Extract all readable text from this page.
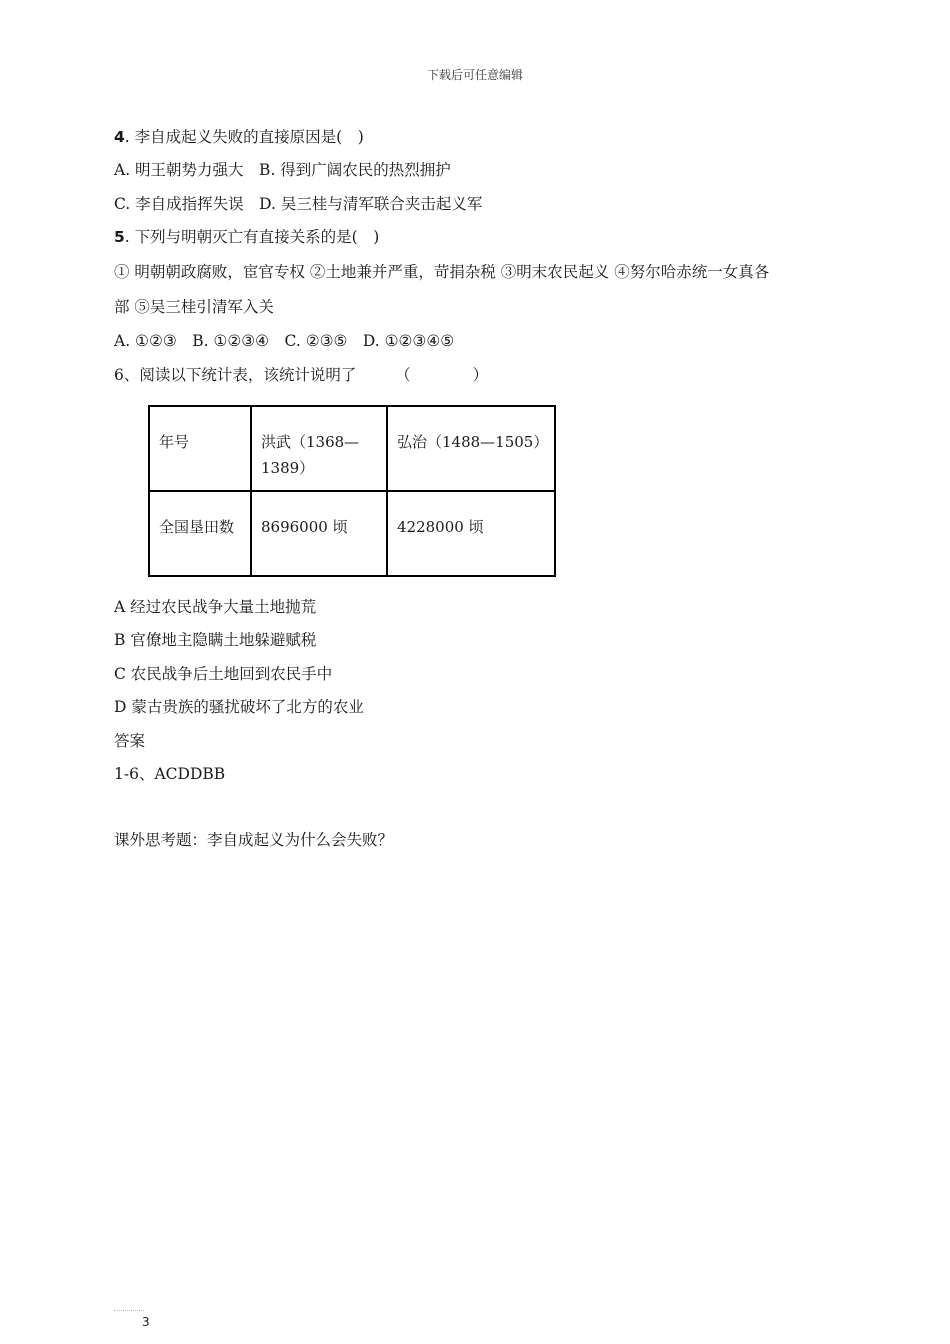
下载后可任意编辑
4. 李自成起义失败的直接原因是(　)
A. 明王朝势力强大　B. 得到广阔农民的热烈拥护
C. 李自成指挥失误　D. 吴三桂与清军联合夹击起义军
5. 下列与明朝灭亡有直接关系的是(　)
① 明朝朝政腐败，宦官专权 ②土地兼并严重，苛捐杂税 ③明末农民起义 ④努尔哈赤统一女真各
部 ⑤吴三桂引清军入关
A. ①②③　B. ①②③④　C. ②③⑤　D. ①②③④⑤
6、阅读以下统计表，该统计说明了　　　（　　　　）
年号	洪武（1368—1389）	弘治（1488—1505）
全国垦田数	8696000 顷	4228000 顷
A 经过农民战争大量土地抛荒
B 官僚地主隐瞒土地躲避赋税
C 农民战争后土地回到农民手中
D 蒙古贵族的骚扰破坏了北方的农业
答案
1-6、ACDDBB
课外思考题：李自成起义为什么会失败？
3
